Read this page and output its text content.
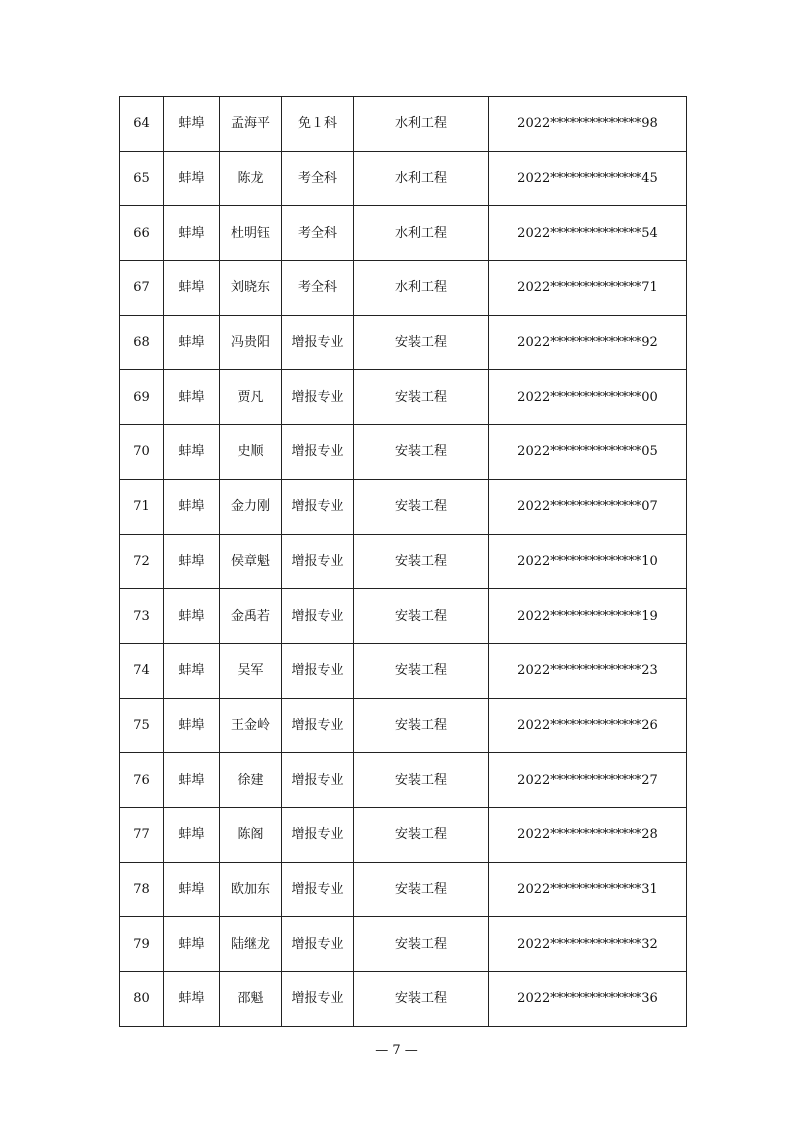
64	蚌埠	孟海平	免１科	水利工程	2022**************98
65	蚌埠	陈龙	考全科	水利工程	2022**************45
66	蚌埠	杜明钰	考全科	水利工程	2022**************54
67	蚌埠	刘晓东	考全科	水利工程	2022**************71
68	蚌埠	冯贵阳	增报专业	安装工程	2022**************92
69	蚌埠	贾凡	增报专业	安装工程	2022**************00
70	蚌埠	史顺	增报专业	安装工程	2022**************05
71	蚌埠	金力刚	增报专业	安装工程	2022**************07
72	蚌埠	侯章魁	增报专业	安装工程	2022**************10
73	蚌埠	金禹若	增报专业	安装工程	2022**************19
74	蚌埠	吴军	增报专业	安装工程	2022**************23
75	蚌埠	王金岭	增报专业	安装工程	2022**************26
76	蚌埠	徐建	增报专业	安装工程	2022**************27
77	蚌埠	陈阁	增报专业	安装工程	2022**************28
78	蚌埠	欧加东	增报专业	安装工程	2022**************31
79	蚌埠	陆继龙	增报专业	安装工程	2022**************32
80	蚌埠	邵魁	增报专业	安装工程	2022**************36
— 7 —
